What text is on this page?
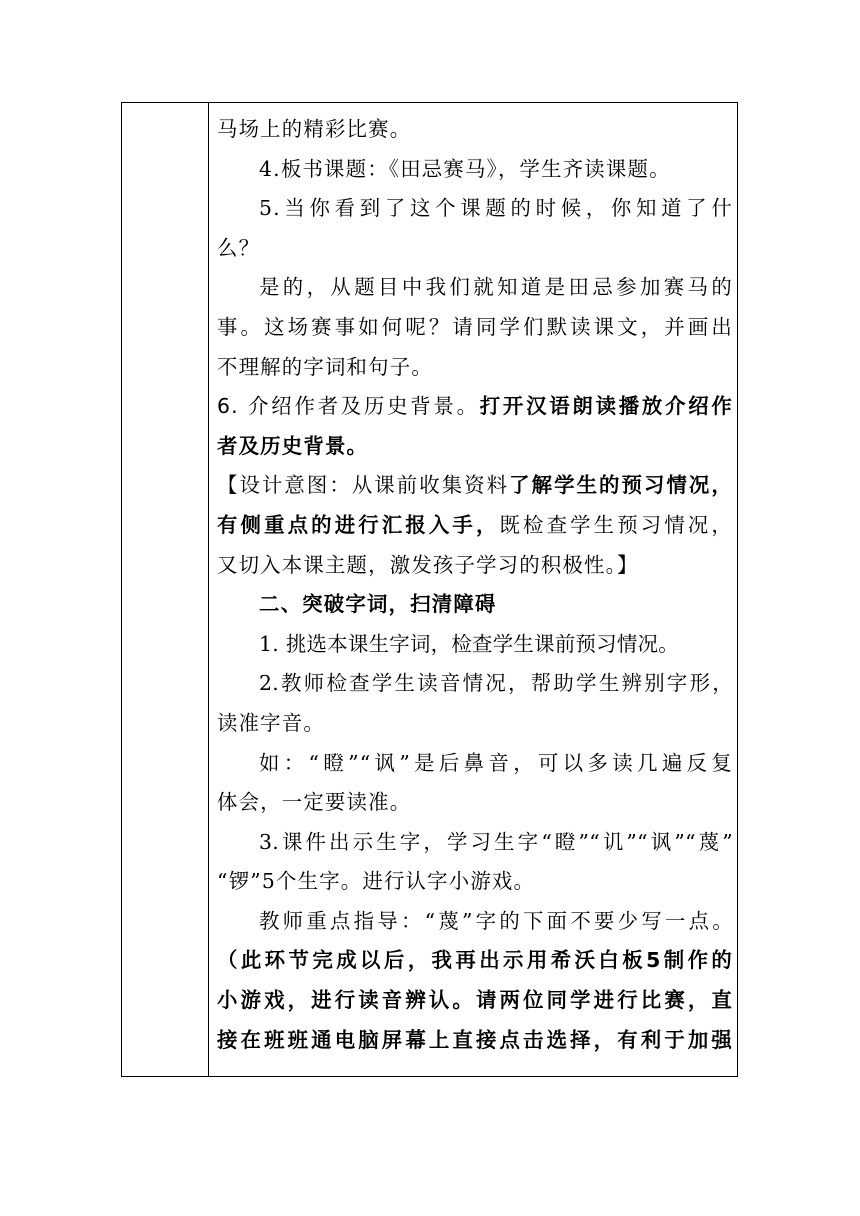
马场上的精彩比赛。
4.板书课题：《田忌赛马》，学生齐读课题。
5.当你看到了这个课题的时候，你知道了什
么？
是的，从题目中我们就知道是田忌参加赛马的
事。这场赛事如何呢？请同学们默读课文，并画出
不理解的字词和句子。
6. 介绍作者及历史背景。打开汉语朗读播放介绍作
者及历史背景。
【设计意图：从课前收集资料了解学生的预习情况，
有侧重点的进行汇报入手，既检查学生预习情况，
又切入本课主题，激发孩子学习的积极性。】
二、突破字词，扫清障碍
1. 挑选本课生字词，检查学生课前预习情况。
2.教师检查学生读音情况，帮助学生辨别字形，
读准字音。
如：“瞪”“讽”是后鼻音，可以多读几遍反复
体会，一定要读准。
3.课件出示生字，学习生字“瞪”“讥”“讽”“蔑”
“锣”5个生字。进行认字小游戏。
教师重点指导：“蔑”字的下面不要少写一点。
（此环节完成以后，我再出示用希沃白板5制作的
小游戏，进行读音辨认。请两位同学进行比赛，直
接在班班通电脑屏幕上直接点击选择，有利于加强
